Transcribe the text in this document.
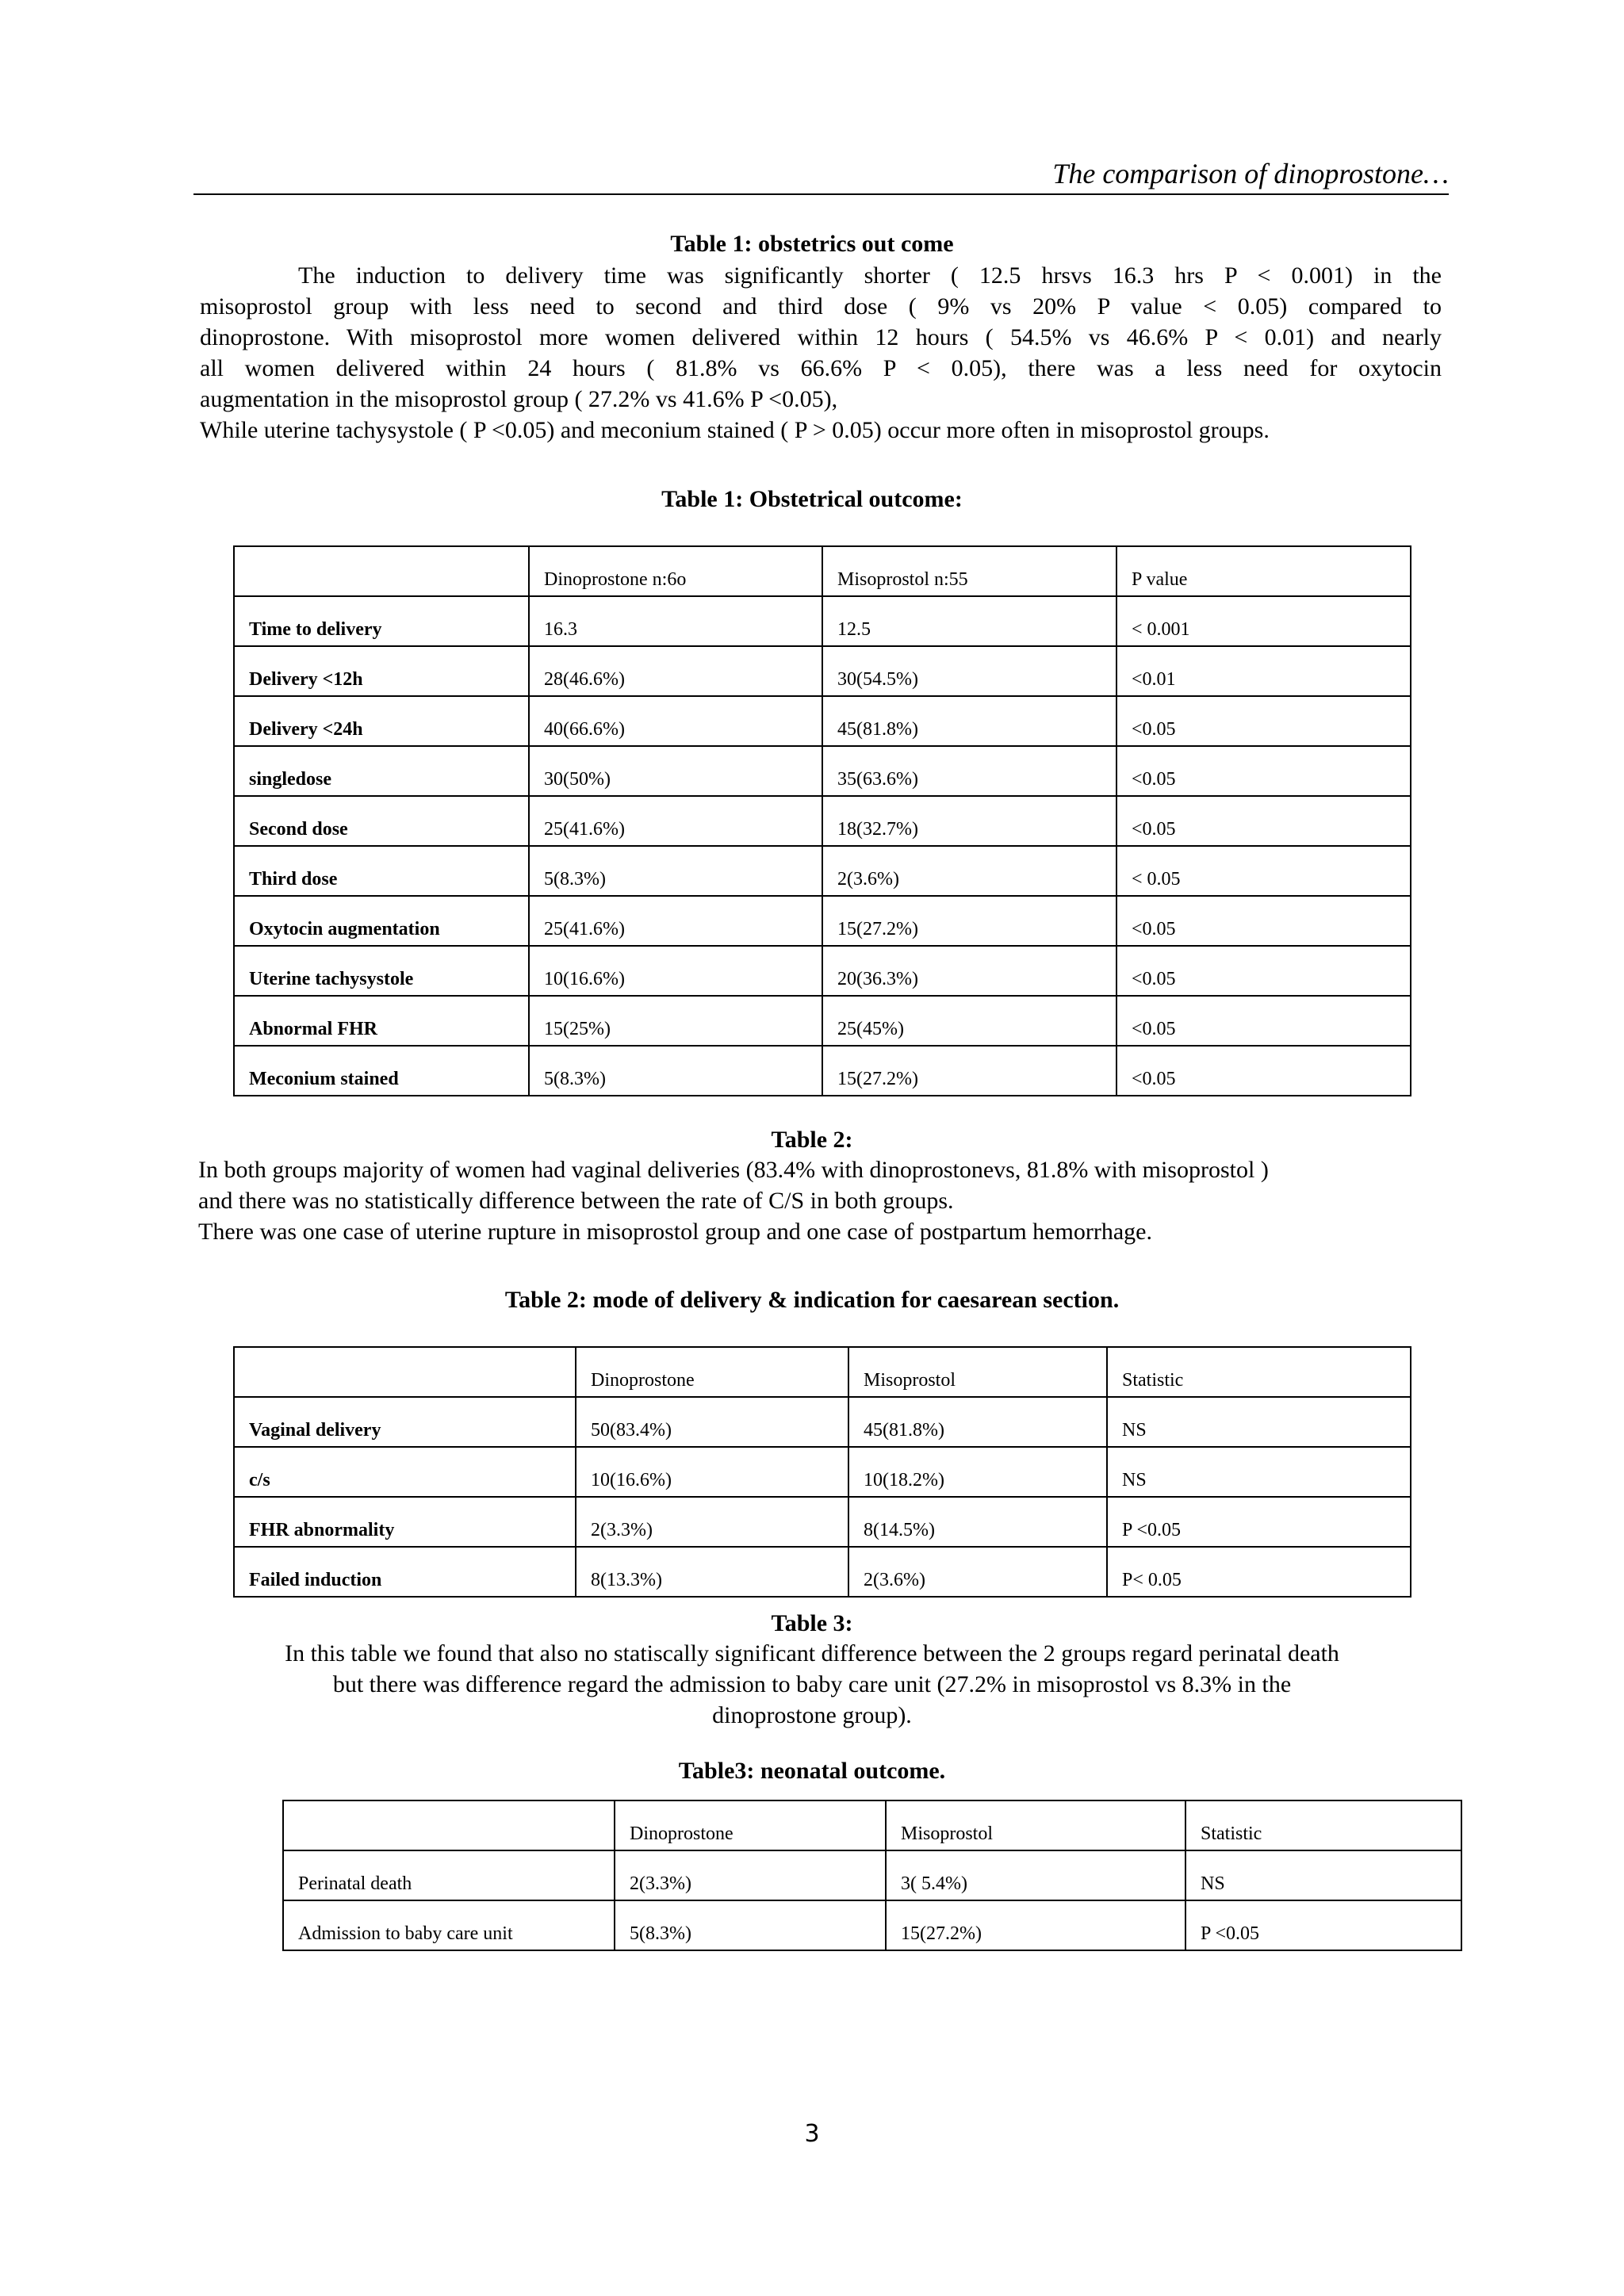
The comparison of dinoprostone…
Table 1: obstetrics out come
The induction to delivery time was significantly shorter ( 12.5 hrsvs 16.3 hrs P < 0.001) in the
misoprostol group with less need to second and third dose ( 9% vs 20% P value < 0.05) compared to
dinoprostone. With misoprostol more women delivered within 12 hours ( 54.5% vs 46.6% P < 0.01) and nearly
all women delivered within 24 hours ( 81.8% vs 66.6% P < 0.05), there was a less need for oxytocin
augmentation in the misoprostol group ( 27.2% vs 41.6% P <0.05),
While uterine tachysystole ( P <0.05) and meconium stained ( P > 0.05) occur more often in misoprostol groups.
Table 1: Obstetrical outcome:
	Dinoprostone n:6o	Misoprostol n:55	P value
Time to delivery	16.3	12.5	< 0.001
Delivery <12h	28(46.6%)	30(54.5%)	<0.01
Delivery <24h	40(66.6%)	45(81.8%)	<0.05
singledose	30(50%)	35(63.6%)	<0.05
Second dose	25(41.6%)	18(32.7%)	<0.05
Third dose	5(8.3%)	2(3.6%)	< 0.05
Oxytocin augmentation	25(41.6%)	15(27.2%)	<0.05
Uterine tachysystole	10(16.6%)	20(36.3%)	<0.05
Abnormal FHR	15(25%)	25(45%)	<0.05
Meconium stained	5(8.3%)	15(27.2%)	<0.05
Table 2:
In both groups majority of women had vaginal deliveries (83.4% with dinoprostonevs, 81.8% with misoprostol )
and there was no statistically difference between the rate of C/S in both groups.
There was one case of uterine rupture in misoprostol group and one case of postpartum hemorrhage.
Table 2: mode of delivery & indication for caesarean section.
	Dinoprostone	Misoprostol	Statistic
Vaginal delivery	50(83.4%)	45(81.8%)	NS
c/s	10(16.6%)	10(18.2%)	NS
FHR abnormality	2(3.3%)	8(14.5%)	P <0.05
Failed induction	8(13.3%)	2(3.6%)	P< 0.05
Table 3:
In this table we found that also no statiscally significant difference between the 2 groups regard perinatal death
but there was difference regard the admission to baby care unit (27.2% in misoprostol vs 8.3% in the
dinoprostone group).
Table3: neonatal outcome.
	Dinoprostone	Misoprostol	Statistic
Perinatal death	2(3.3%)	3( 5.4%)	NS
Admission to baby care unit	5(8.3%)	15(27.2%)	P <0.05
3
